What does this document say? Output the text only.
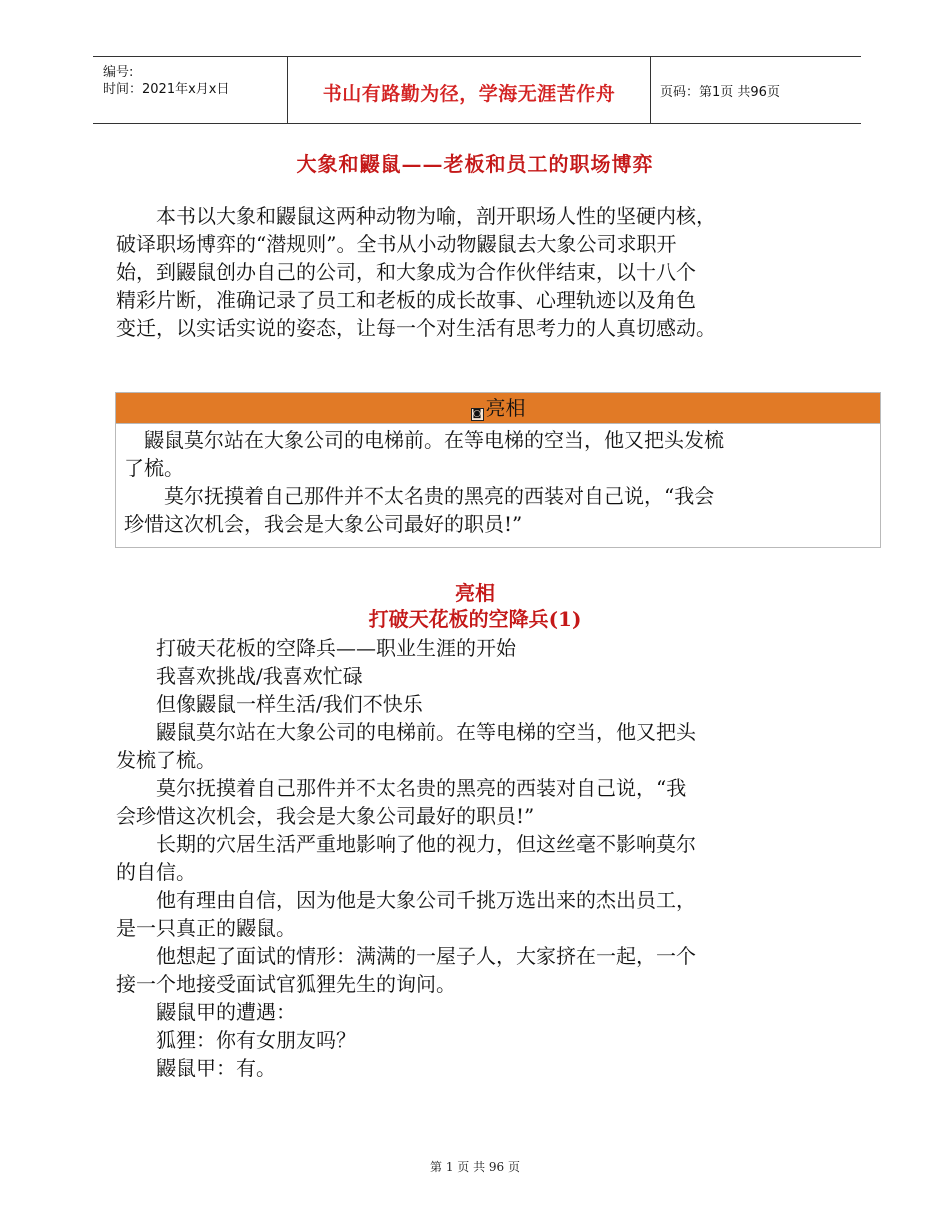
编号:
时间：2021年x月x日	书山有路勤为径，学海无涯苦作舟	页码：第1页 共96页
大象和鼹鼠——老板和员工的职场博弈
　　本书以大象和鼹鼠这两种动物为喻，剖开职场人性的坚硬内核，
破译职场博弈的“潜规则”。全书从小动物鼹鼠去大象公司求职开
始，到鼹鼠创办自己的公司，和大象成为合作伙伴结束，以十八个
精彩片断，准确记录了员工和老板的成长故事、心理轨迹以及角色
变迁，以实话实说的姿态，让每一个对生活有思考力的人真切感动。
◙ 亮相
　鼹鼠莫尔站在大象公司的电梯前。在等电梯的空当，他又把头发梳
了梳。
　　莫尔抚摸着自己那件并不太名贵的黑亮的西装对自己说，“我会
珍惜这次机会，我会是大象公司最好的职员!”
亮相
打破天花板的空降兵(1)
　　打破天花板的空降兵——职业生涯的开始
　　我喜欢挑战/我喜欢忙碌
　　但像鼹鼠一样生活/我们不快乐
　　鼹鼠莫尔站在大象公司的电梯前。在等电梯的空当，他又把头
发梳了梳。
　　莫尔抚摸着自己那件并不太名贵的黑亮的西装对自己说，“我
会珍惜这次机会，我会是大象公司最好的职员!”
　　长期的穴居生活严重地影响了他的视力，但这丝毫不影响莫尔
的自信。
　　他有理由自信，因为他是大象公司千挑万选出来的杰出员工，
是一只真正的鼹鼠。
　　他想起了面试的情形：满满的一屋子人，大家挤在一起，一个
接一个地接受面试官狐狸先生的询问。
　　鼹鼠甲的遭遇：
　　狐狸：你有女朋友吗？
　　鼹鼠甲：有。
第 1 页 共 96 页
